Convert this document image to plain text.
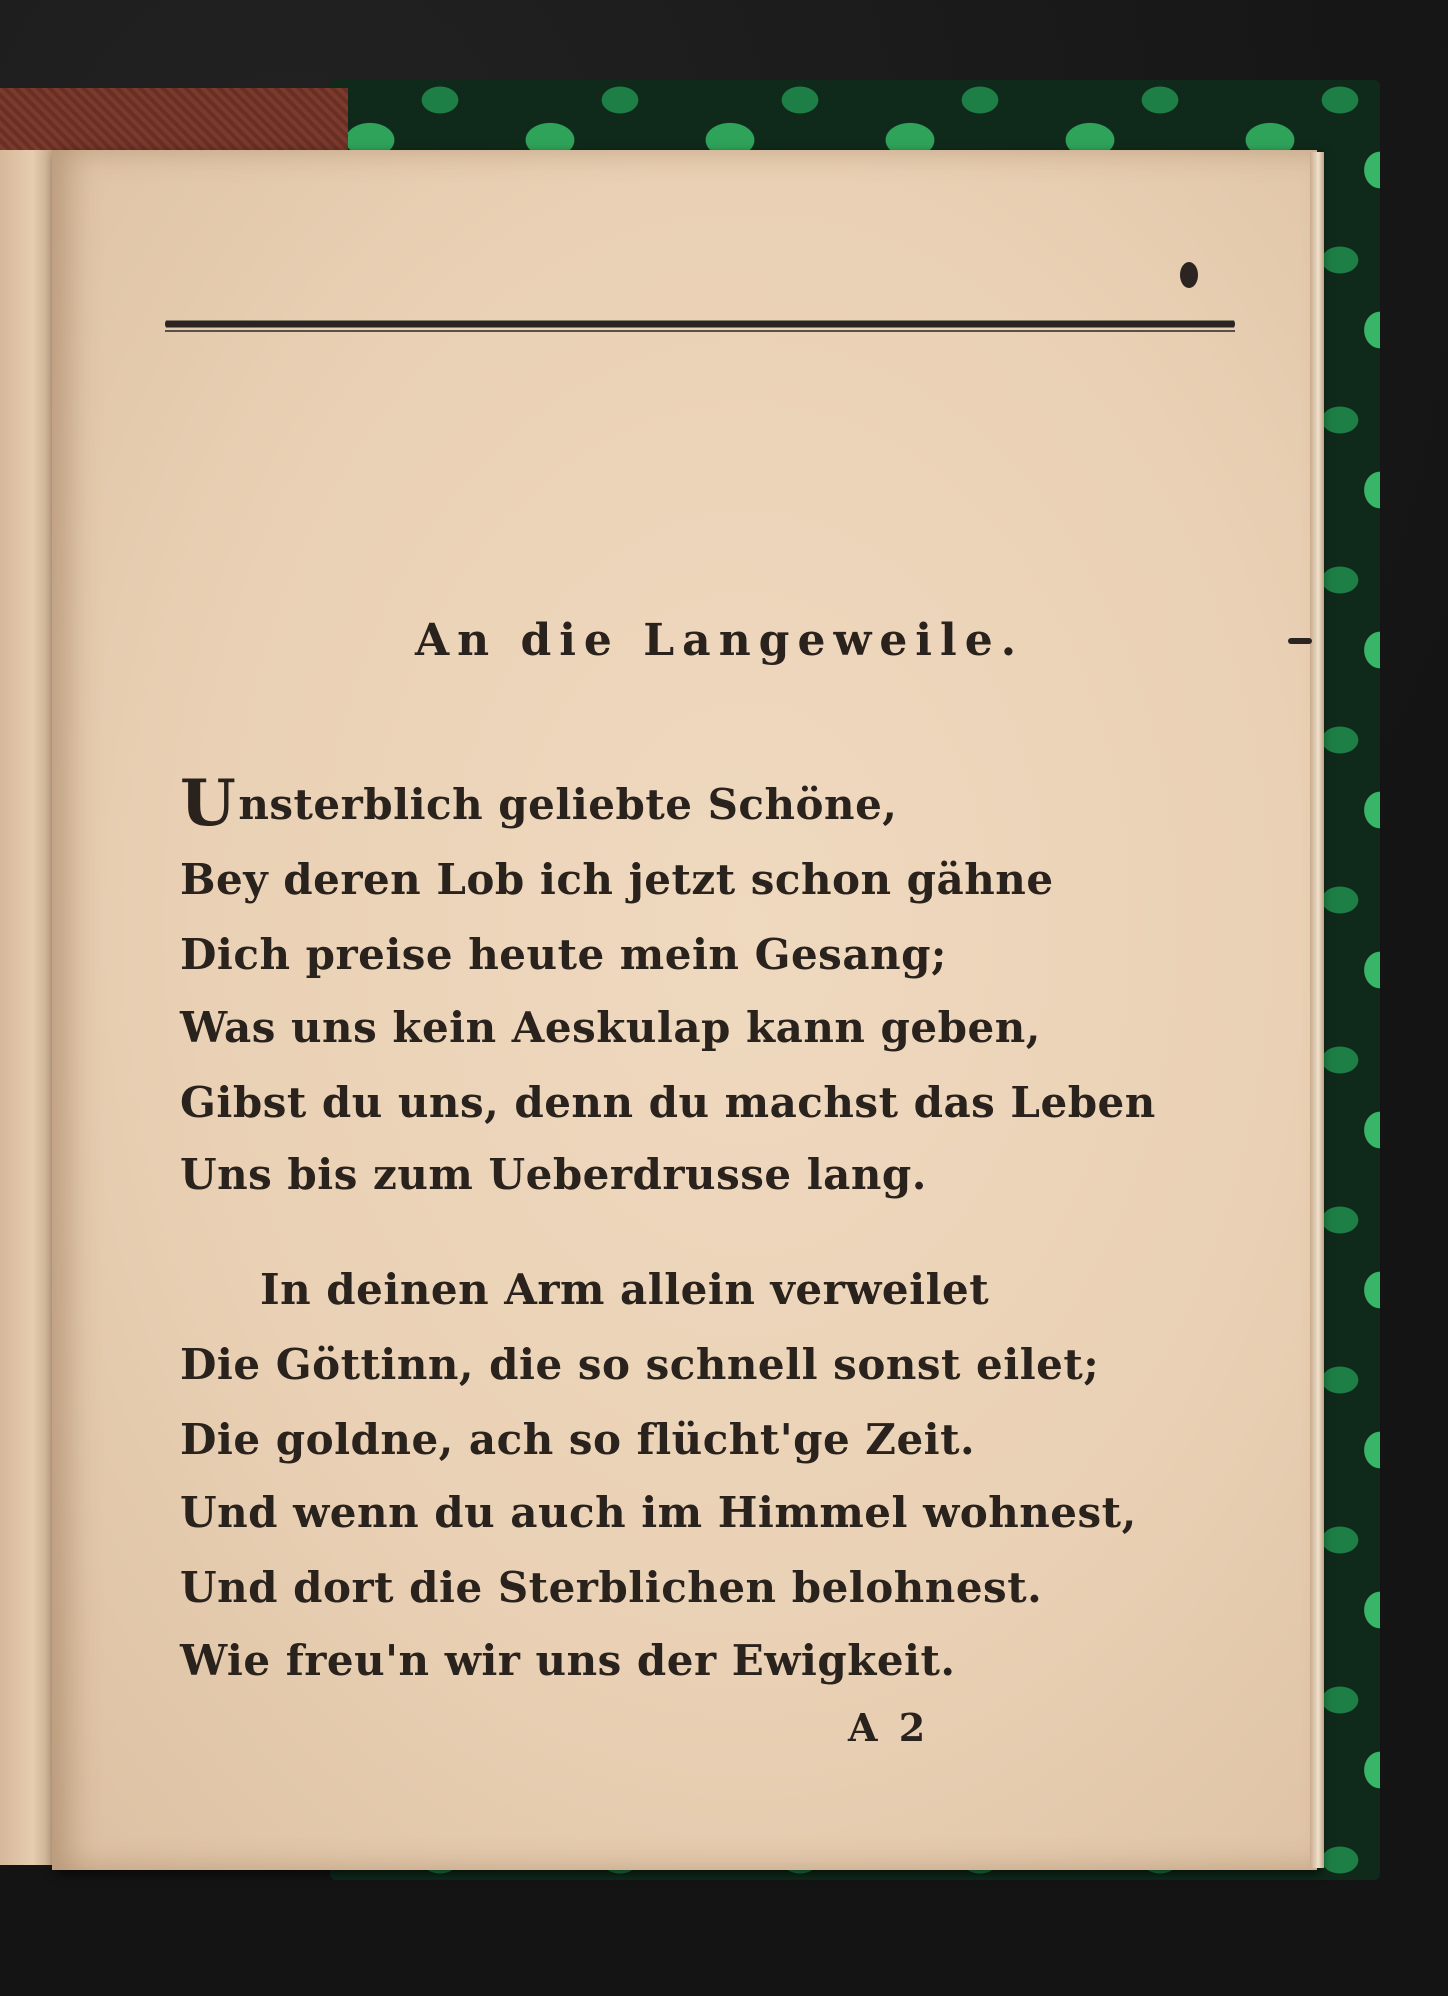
An die Langeweile.
Unsterblich geliebte Schöne,
Bey deren Lob ich jetzt schon gähne
Dich preise heute mein Gesang;
Was uns kein Aeskulap kann geben,
Gibst du uns, denn du machst das Leben
Uns bis zum Ueberdrusse lang.
In deinen Arm allein verweilet
Die Göttinn, die so schnell sonst eilet;
Die goldne, ach so flücht'ge Zeit.
Und wenn du auch im Himmel wohnest,
Und dort die Sterblichen belohnest.
Wie freu'n wir uns der Ewigkeit.
A 2
